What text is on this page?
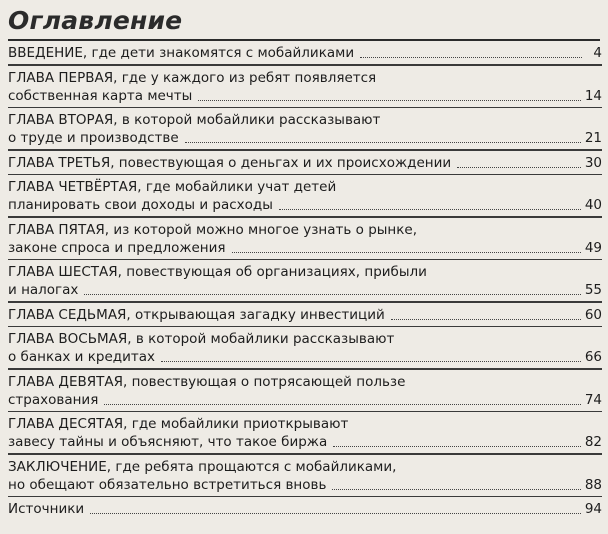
Оглавление
ВВЕДЕНИЕ, где дети знакомятся с мобайликами	4
ГЛАВА ПЕРВАЯ, где у каждого из ребят появляется
собственная карта мечты	14
ГЛАВА ВТОРАЯ, в которой мобайлики рассказывают
о труде и производстве	21
ГЛАВА ТРЕТЬЯ, повествующая о деньгах и их происхождении	30
ГЛАВА ЧЕТВЁРТАЯ, где мобайлики учат детей
планировать свои доходы и расходы	40
ГЛАВА ПЯТАЯ, из которой можно многое узнать о рынке,
законе спроса и предложения	49
ГЛАВА ШЕСТАЯ, повествующая об организациях, прибыли
и налогах	55
ГЛАВА СЕДЬМАЯ, открывающая загадку инвестиций	60
ГЛАВА ВОСЬМАЯ, в которой мобайлики рассказывают
о банках и кредитах	66
ГЛАВА ДЕВЯТАЯ, повествующая о потрясающей пользе
страхования	74
ГЛАВА ДЕСЯТАЯ, где мобайлики приоткрывают
завесу тайны и объясняют, что такое биржа	82
ЗАКЛЮЧЕНИЕ, где ребята прощаются с мобайликами,
но обещают обязательно встретиться вновь	88
Источники	94
